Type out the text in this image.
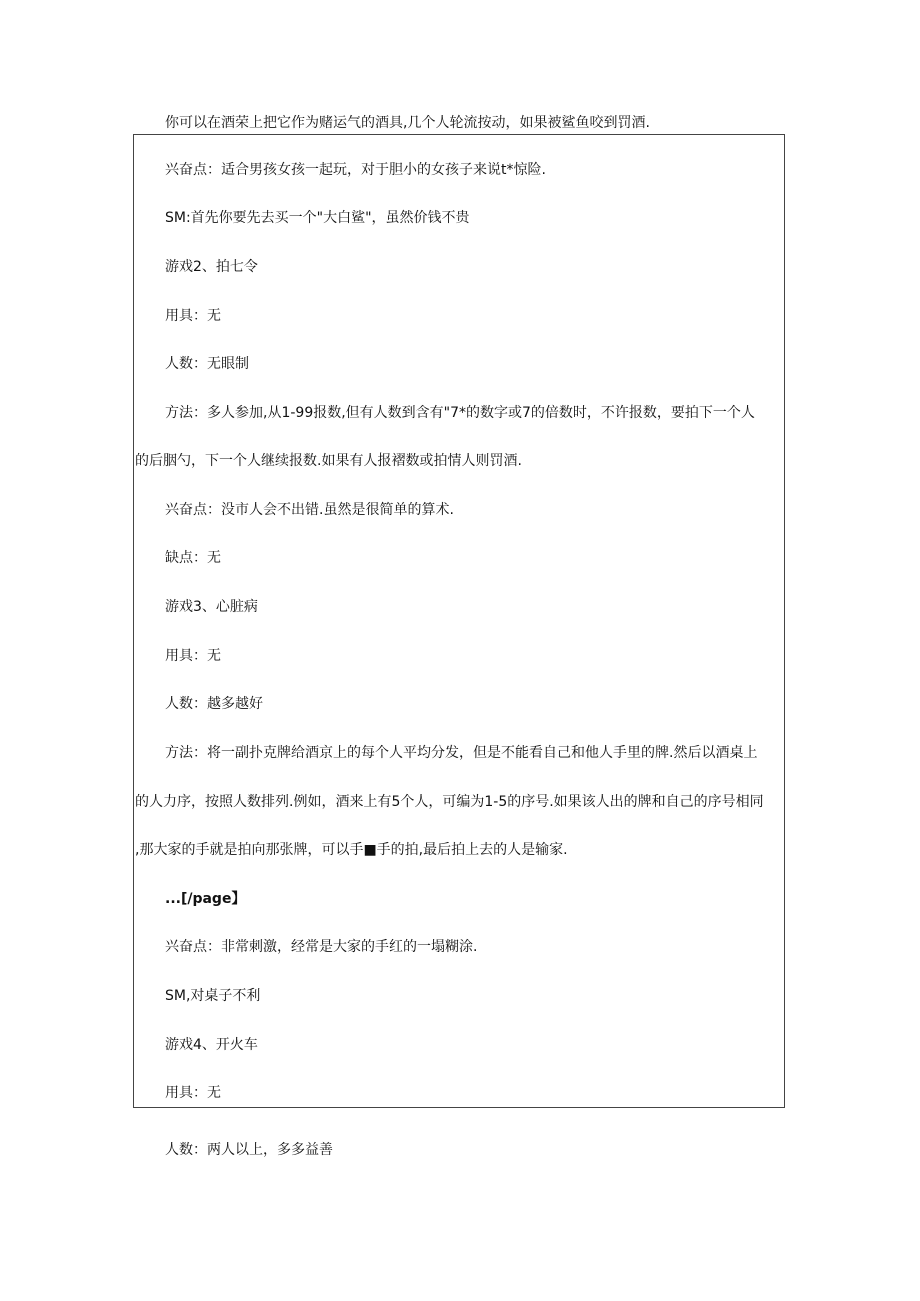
你可以在酒荣上把它作为赌运气的酒具,几个人轮流按动，如果被鲨鱼咬到罚酒.
兴奋点：适合男孩女孩一起玩，对于胆小的女孩子来说t*惊险.
SM:首先你要先去买一个"大白鲨"，虽然价钱不贵
游戏2、拍七令
用具：无
人数：无眼制
方法：多人参加,从1-99报数,但有人数到含有"7*的数字或7的倍数时，不许报数，要拍下一个人
的后胭勺，下一个人继续报数.如果有人报褶数或拍情人则罚酒.
兴奋点：没市人会不出错.虽然是很简单的算术.
缺点：无
游戏3、心脏病
用具：无
人数：越多越好
方法：将一副扑克牌给酒京上的每个人平均分发，但是不能看自己和他人手里的牌.然后以酒桌上
的人力序，按照人数排列.例如，酒来上有5个人，可编为1-5的序号.如果该人出的牌和自己的序号相同
,那大家的手就是拍向那张牌，可以手■手的拍,最后拍上去的人是输家.
...[/page】
兴奋点：非常刺激，经常是大家的手红的一塌糊涂.
SM,对桌子不利
游戏4、开火车
用具：无
人数：两人以上，多多益善
